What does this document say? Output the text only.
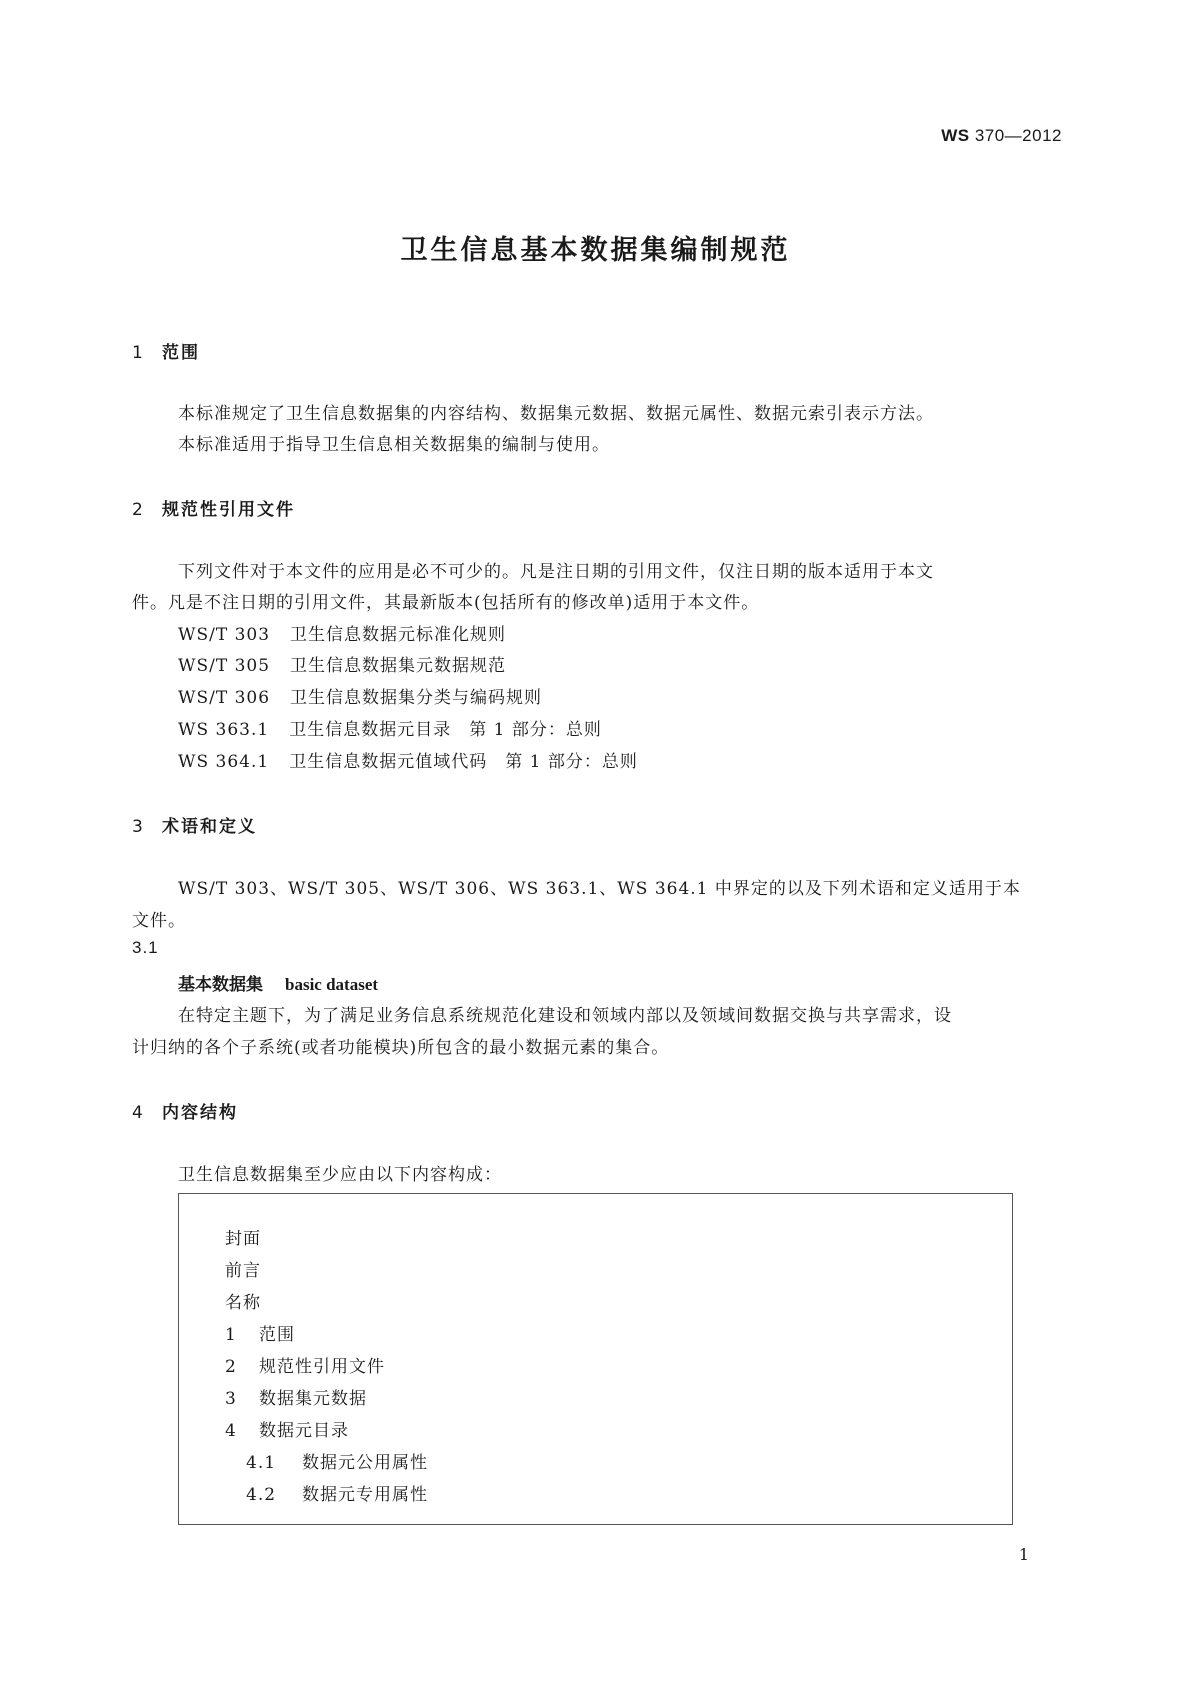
WS 370—2012
卫生信息基本数据集编制规范
1 范围
本标准规定了卫生信息数据集的内容结构、数据集元数据、数据元属性、数据元索引表示方法。
本标准适用于指导卫生信息相关数据集的编制与使用。
2 规范性引用文件
下列文件对于本文件的应用是必不可少的。凡是注日期的引用文件，仅注日期的版本适用于本文
件。凡是不注日期的引用文件，其最新版本(包括所有的修改单)适用于本文件。
WS/T 303 卫生信息数据元标准化规则
WS/T 305 卫生信息数据集元数据规范
WS/T 306 卫生信息数据集分类与编码规则
WS 363.1 卫生信息数据元目录　第 1 部分：总则
WS 364.1 卫生信息数据元值域代码　第 1 部分：总则
3 术语和定义
WS/T 303、WS/T 305、WS/T 306、WS 363.1、WS 364.1 中界定的以及下列术语和定义适用于本
文件。
3.1
基本数据集 basic dataset
在特定主题下，为了满足业务信息系统规范化建设和领域内部以及领域间数据交换与共享需求，设
计归纳的各个子系统(或者功能模块)所包含的最小数据元素的集合。
4 内容结构
卫生信息数据集至少应由以下内容构成：
封面
前言
名称
1 范围
2 规范性引用文件
3 数据集元数据
4 数据元目录
4.1 数据元公用属性
4.2 数据元专用属性
1
